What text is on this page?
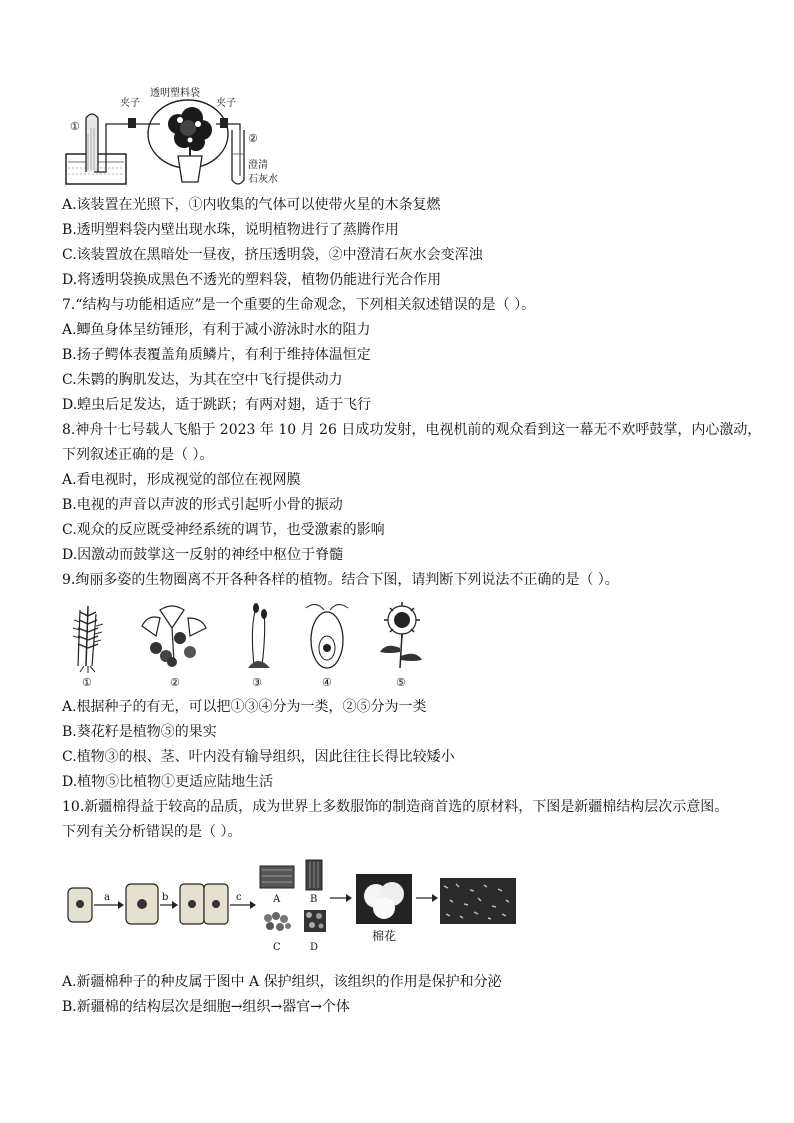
①
夹子
透明塑料袋
夹子
②
澄清
石灰水
A.该装置在光照下，①内收集的气体可以使带火星的木条复燃
B.透明塑料袋内壁出现水珠，说明植物进行了蒸腾作用
C.该装置放在黑暗处一昼夜，挤压透明袋，②中澄清石灰水会变浑浊
D.将透明袋换成黑色不透光的塑料袋，植物仍能进行光合作用
7.“结构与功能相适应”是一个重要的生命观念，下列相关叙述错误的是（ ）。
A.鲫鱼身体呈纺锤形，有利于减小游泳时水的阻力
B.扬子鳄体表覆盖角质鳞片，有利于维持体温恒定
C.朱鹮的胸肌发达，为其在空中飞行提供动力
D.蝗虫后足发达，适于跳跃；有两对翅，适于飞行
8.神舟十七号载人飞船于 2023 年 10 月 26 日成功发射，电视机前的观众看到这一幕无不欢呼鼓掌，内心激动，
下列叙述正确的是（ ）。
A.看电视时，形成视觉的部位在视网膜
B.电视的声音以声波的形式引起听小骨的振动
C.观众的反应既受神经系统的调节，也受激素的影响
D.因激动而鼓掌这一反射的神经中枢位于脊髓
9.绚丽多姿的生物圈离不开各种各样的植物。结合下图，请判断下列说法不正确的是（ ）。
①	②	③	④	⑤
A.根据种子的有无，可以把①③④分为一类，②⑤分为一类
B.葵花籽是植物⑤的果实
C.植物③的根、茎、叶内没有输导组织，因此往往长得比较矮小
D.植物⑤比植物①更适应陆地生活
10.新疆棉得益于较高的品质，成为世界上多数服饰的制造商首选的原材料，下图是新疆棉结构层次示意图。
下列有关分析错误的是（ ）。
a	b	c	A	B
C	D
棉花
A.新疆棉种子的种皮属于图中 A 保护组织，该组织的作用是保护和分泌
B.新疆棉的结构层次是细胞→组织→器官→个体
